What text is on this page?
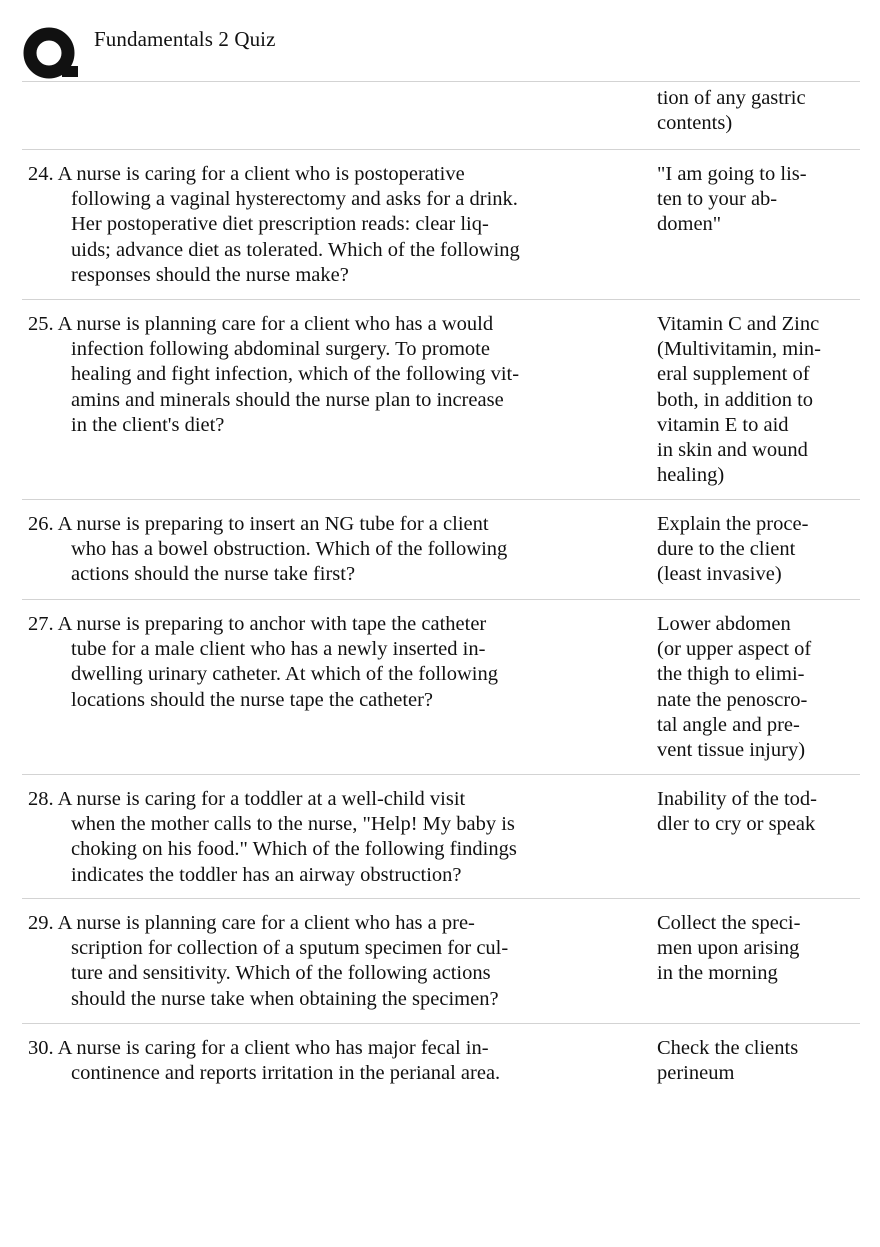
Fundamentals 2 Quiz
tion of any gastric
contents)
24. A nurse is caring for a client who is postoperative
following a vaginal hysterectomy and asks for a drink.
Her postoperative diet prescription reads: clear liq-
uids; advance diet as tolerated. Which of the following
responses should the nurse make?
"I am going to lis-
ten to your ab-
domen"
25. A nurse is planning care for a client who has a would
infection following abdominal surgery. To promote
healing and fight infection, which of the following vit-
amins and minerals should the nurse plan to increase
in the client's diet?
Vitamin C and Zinc
(Multivitamin, min-
eral supplement of
both, in addition to
vitamin E to aid
in skin and wound
healing)
26. A nurse is preparing to insert an NG tube for a client
who has a bowel obstruction. Which of the following
actions should the nurse take first?
Explain the proce-
dure to the client
(least invasive)
27. A nurse is preparing to anchor with tape the catheter
tube for a male client who has a newly inserted in-
dwelling urinary catheter. At which of the following
locations should the nurse tape the catheter?
Lower abdomen
(or upper aspect of
the thigh to elimi-
nate the penoscro-
tal angle and pre-
vent tissue injury)
28. A nurse is caring for a toddler at a well-child visit
when the mother calls to the nurse, "Help! My baby is
choking on his food." Which of the following findings
indicates the toddler has an airway obstruction?
Inability of the tod-
dler to cry or speak
29. A nurse is planning care for a client who has a pre-
scription for collection of a sputum specimen for cul-
ture and sensitivity. Which of the following actions
should the nurse take when obtaining the specimen?
Collect the speci-
men upon arising
in the morning
30. A nurse is caring for a client who has major fecal in-
continence and reports irritation in the perianal area.
Check the clients
perineum
